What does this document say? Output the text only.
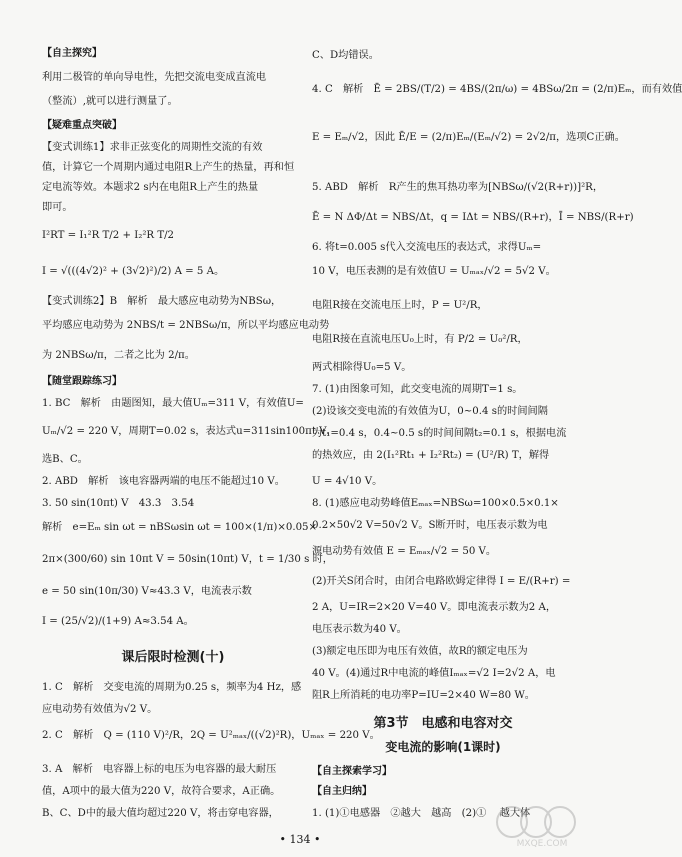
【自主探究】
利用二极管的单向导电性，先把交流电变成直流电
（整流）,就可以进行测量了。
【疑难重点突破】
【变式训练1】求非正弦变化的周期性交流的有效
值，计算它一个周期内通过电阻R上产生的热量，再和恒
定电流等效。本题求2 s内在电阻R上产生的热量
即可。
I²RT = I₁²R T/2 + I₂²R T/2
I = √(((4√2)² + (3√2)²)/2) A = 5 A。
【变式训练2】B　解析　最大感应电动势为NBSω，
平均感应电动势为 2NBS/t = 2NBSω/π，所以平均感应电动势
为 2NBSω/π，二者之比为 2/π。
【随堂跟踪练习】
1. BC　解析　由题图知，最大值Uₘ=311 V，有效值U=
Uₘ/√2 = 220 V，周期T=0.02 s，表达式u=311sin100πt V，
选B、C。
2. ABD　解析　该电容器两端的电压不能超过10 V。
3. 50 sin(10πt) V　43.3　3.54
解析　e=Eₘ sin ωt = nBSωsin ωt = 100×(1/π)×0.05×
2π×(300/60) sin 10πt V = 50sin(10πt) V，t = 1/30 s 时，
e = 50 sin(10π/30) V≈43.3 V，电流表示数
I = (25/√2)/(1+9) A≈3.54 A。
课后限时检测(十)
1. C　解析　交变电流的周期为0.25 s，频率为4 Hz，感
应电动势有效值为√2 V。
2. C　解析　Q = (110 V)²/R，2Q = U²ₘₐₓ/((√2)²R)，Uₘₐₓ = 220 V。
3. A　解析　电容器上标的电压为电容器的最大耐压
值，A项中的最大值为220 V，故符合要求，A正确。
B、C、D中的最大值均超过220 V，将击穿电容器，
C、D均错误。
4. C　解析　Ē = 2BS/(T/2) = 4BS/(2π/ω) = 4BSω/2π = (2/π)Eₘ，而有效值
E = Eₘ/√2，因此 Ē/E = (2/π)Eₘ/(Eₘ/√2) = 2√2/π，选项C正确。
5. ABD　解析　R产生的焦耳热功率为[NBSω/(√2(R+r))]²R，
Ē = N ΔΦ/Δt = NBS/Δt，q = IΔt = NBS/(R+r)，Ī = NBS/(R+r)
6. 将t=0.005 s代入交流电压的表达式，求得Uₘ=
10 V，电压表测的是有效值U = Uₘₐₓ/√2 = 5√2 V。
电阻R接在交流电压上时，P = U²/R，
电阻R接在直流电压U₀上时，有 P/2 = U₀²/R，
两式相除得U₀=5 V。
7. (1)由图象可知，此交变电流的周期T=1 s。
(2)设该交变电流的有效值为U，0~0.4 s的时间间隔
为t₁=0.4 s，0.4~0.5 s的时间间隔t₂=0.1 s，根据电流
的热效应，由 2(I₁²Rt₁ + I₂²Rt₂) = (U²/R) T，解得
U = 4√10 V。
8. (1)感应电动势峰值Eₘₐₓ=NBSω=100×0.5×0.1×
0.2×50√2 V=50√2 V。S断开时，电压表示数为电
源电动势有效值 E = Eₘₐₓ/√2 = 50 V。
(2)开关S闭合时，由闭合电路欧姆定律得 I = E/(R+r) =
2 A，U=IR=2×20 V=40 V。即电流表示数为2 A，
电压表示数为40 V。
(3)额定电压即为电压有效值，故R的额定电压为
40 V。(4)通过R中电流的峰值Iₘₐₓ=√2 I=2√2 A，电
阻R上所消耗的电功率P=IU=2×40 W=80 W。
第3节　电感和电容对交
变电流的影响(1课时)
【自主探索学习】
【自主归纳】
1. (1)①电感器　②越大　越高　(2)① 　越大体
• 134 •	MXQE.COM
